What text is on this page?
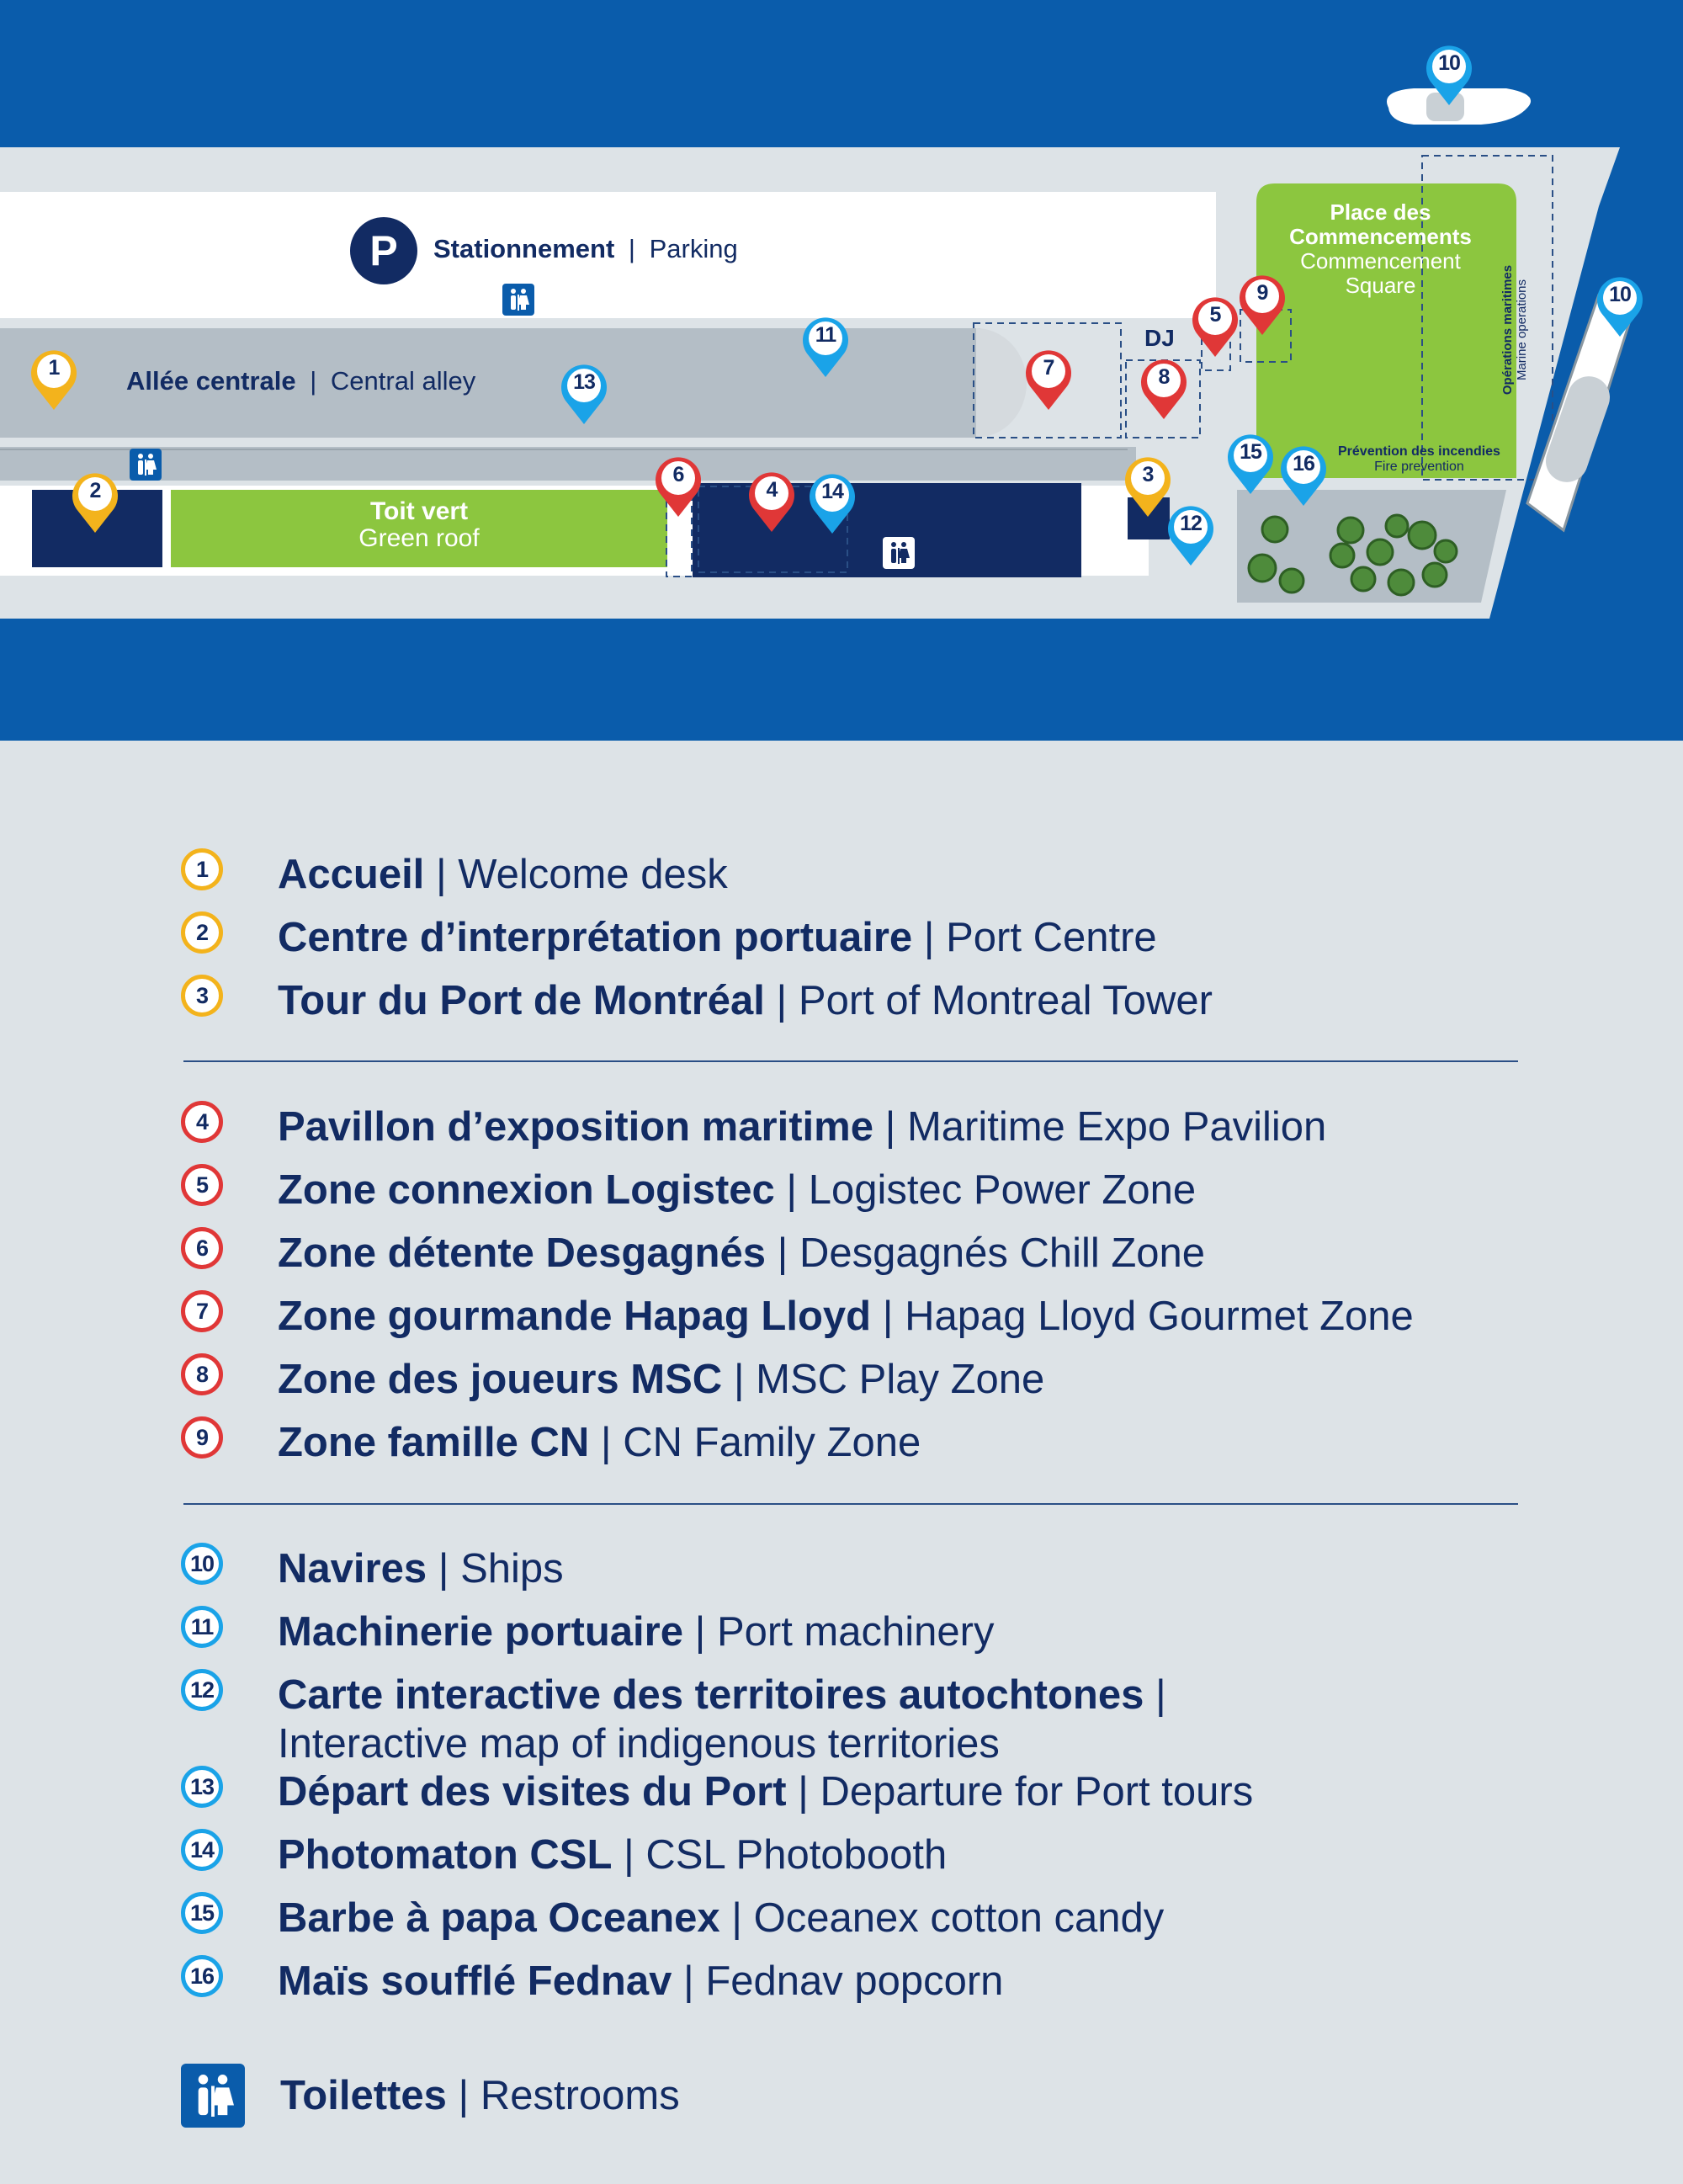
P	Stationnement | Parking
Allée centrale | Central alley
Toit vert
Green roof
Place des
Commencements
Commencement
Square
DJ
Prévention des incendies
Fire prevention
Opérations maritimes Marine operations
1
2
3
4
5
6
7	8
9
10
10
11
12
13
14
15	16
1	Accueil | Welcome desk
2	Centre d’interprétation portuaire | Port Centre
3	Tour du Port de Montréal | Port of Montreal Tower
4	Pavillon d’exposition maritime | Maritime Expo Pavilion
5	Zone connexion Logistec | Logistec Power Zone
6	Zone détente Desgagnés | Desgagnés Chill Zone
7	Zone gourmande Hapag Lloyd | Hapag Lloyd Gourmet Zone
8	Zone des joueurs MSC | MSC Play Zone
9	Zone famille CN | CN Family Zone
10 Navires | Ships
11 Machinerie portuaire | Port machinery
12 Carte interactive des territoires autochtones |
Interactive map of indigenous territories
13 Départ des visites du Port | Departure for Port tours
14 Photomaton CSL | CSL Photobooth
15 Barbe à papa Oceanex | Oceanex cotton candy
16 Maïs soufflé Fednav | Fednav popcorn
Toilettes | Restrooms
